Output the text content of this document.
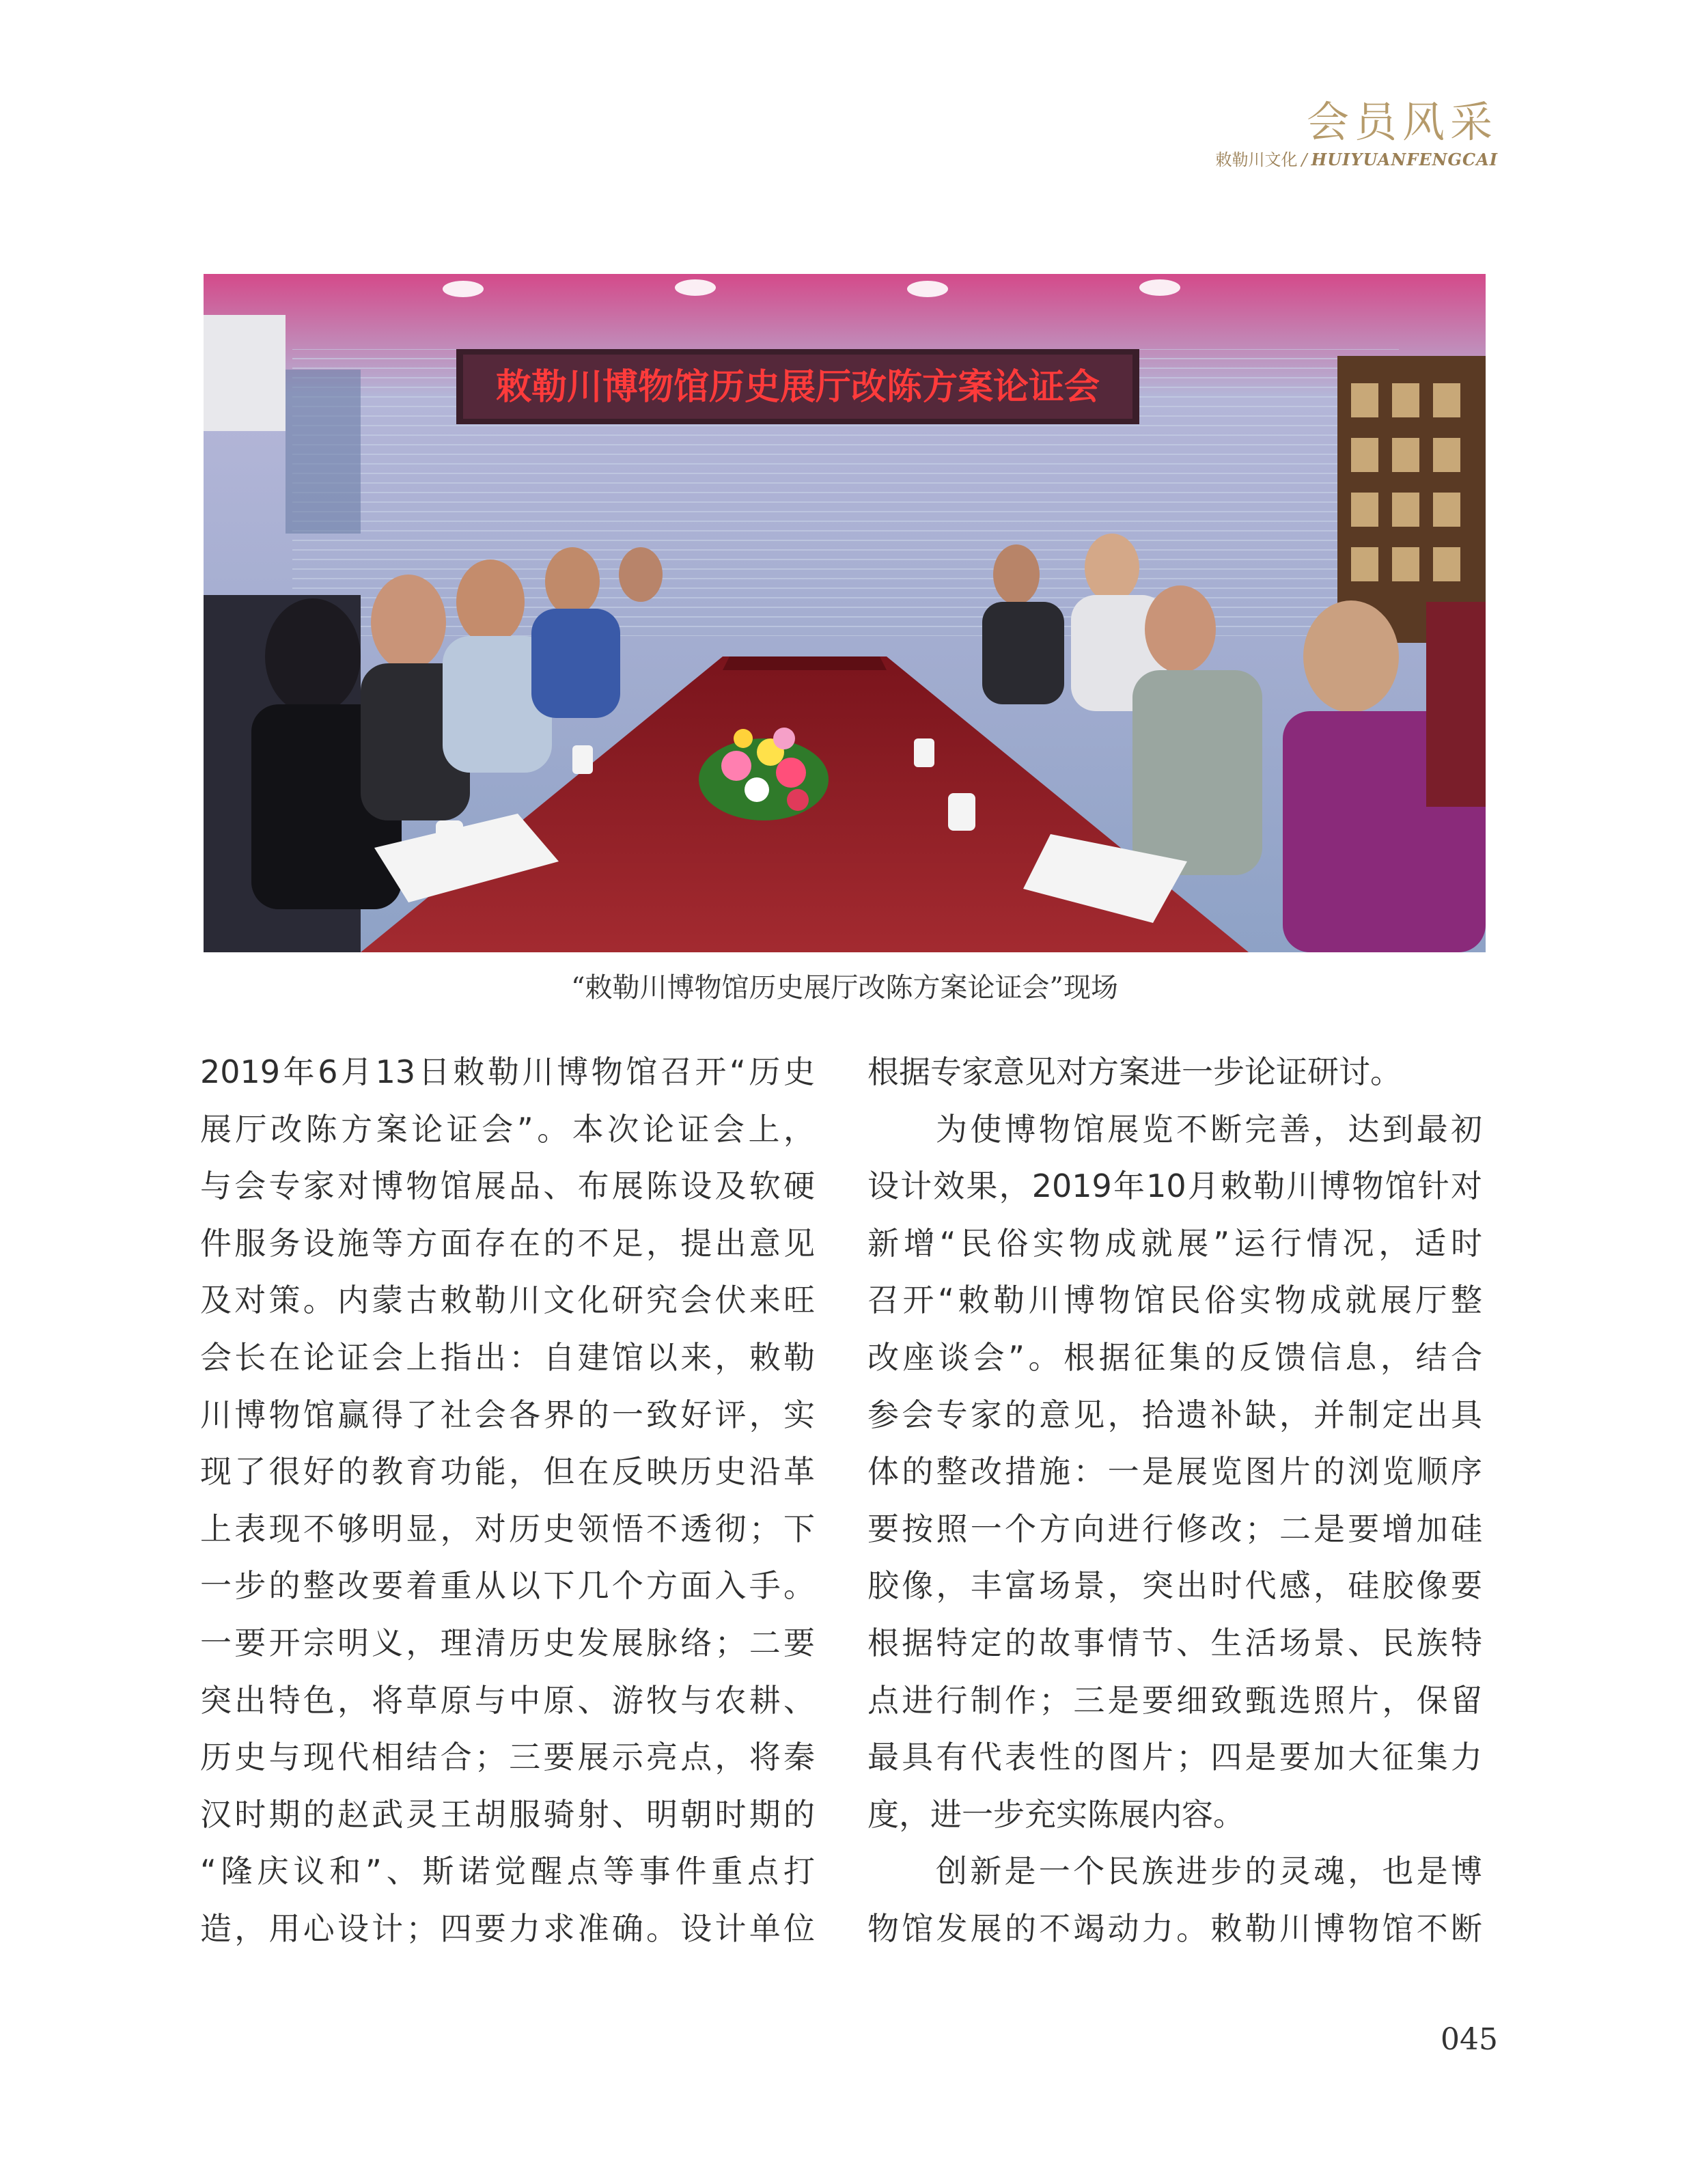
会员风采
敕勒川文化 / HUIYUANFENGCAI
敕勒川博物馆历史展厅改陈方案论证会
“敕勒川博物馆历史展厅改陈方案论证会”现场
2019年6月13日敕勒川博物馆召开“历史
展厅改陈方案论证会”。本次论证会上，
与会专家对博物馆展品、布展陈设及软硬
件服务设施等方面存在的不足，提出意见
及对策。内蒙古敕勒川文化研究会伏来旺
会长在论证会上指出：自建馆以来，敕勒
川博物馆赢得了社会各界的一致好评，实
现了很好的教育功能，但在反映历史沿革
上表现不够明显，对历史领悟不透彻；下
一步的整改要着重从以下几个方面入手。
一要开宗明义，理清历史发展脉络；二要
突出特色，将草原与中原、游牧与农耕、
历史与现代相结合；三要展示亮点，将秦
汉时期的赵武灵王胡服骑射、明朝时期的
“隆庆议和”、斯诺觉醒点等事件重点打
造，用心设计；四要力求准确。设计单位
根据专家意见对方案进一步论证研讨。
为使博物馆展览不断完善，达到最初
设计效果，2019年10月敕勒川博物馆针对
新增“民俗实物成就展”运行情况，适时
召开“敕勒川博物馆民俗实物成就展厅整
改座谈会”。根据征集的反馈信息，结合
参会专家的意见，拾遗补缺，并制定出具
体的整改措施：一是展览图片的浏览顺序
要按照一个方向进行修改；二是要增加硅
胶像，丰富场景，突出时代感，硅胶像要
根据特定的故事情节、生活场景、民族特
点进行制作；三是要细致甄选照片，保留
最具有代表性的图片；四是要加大征集力
度，进一步充实陈展内容。
创新是一个民族进步的灵魂，也是博
物馆发展的不竭动力。敕勒川博物馆不断
045
